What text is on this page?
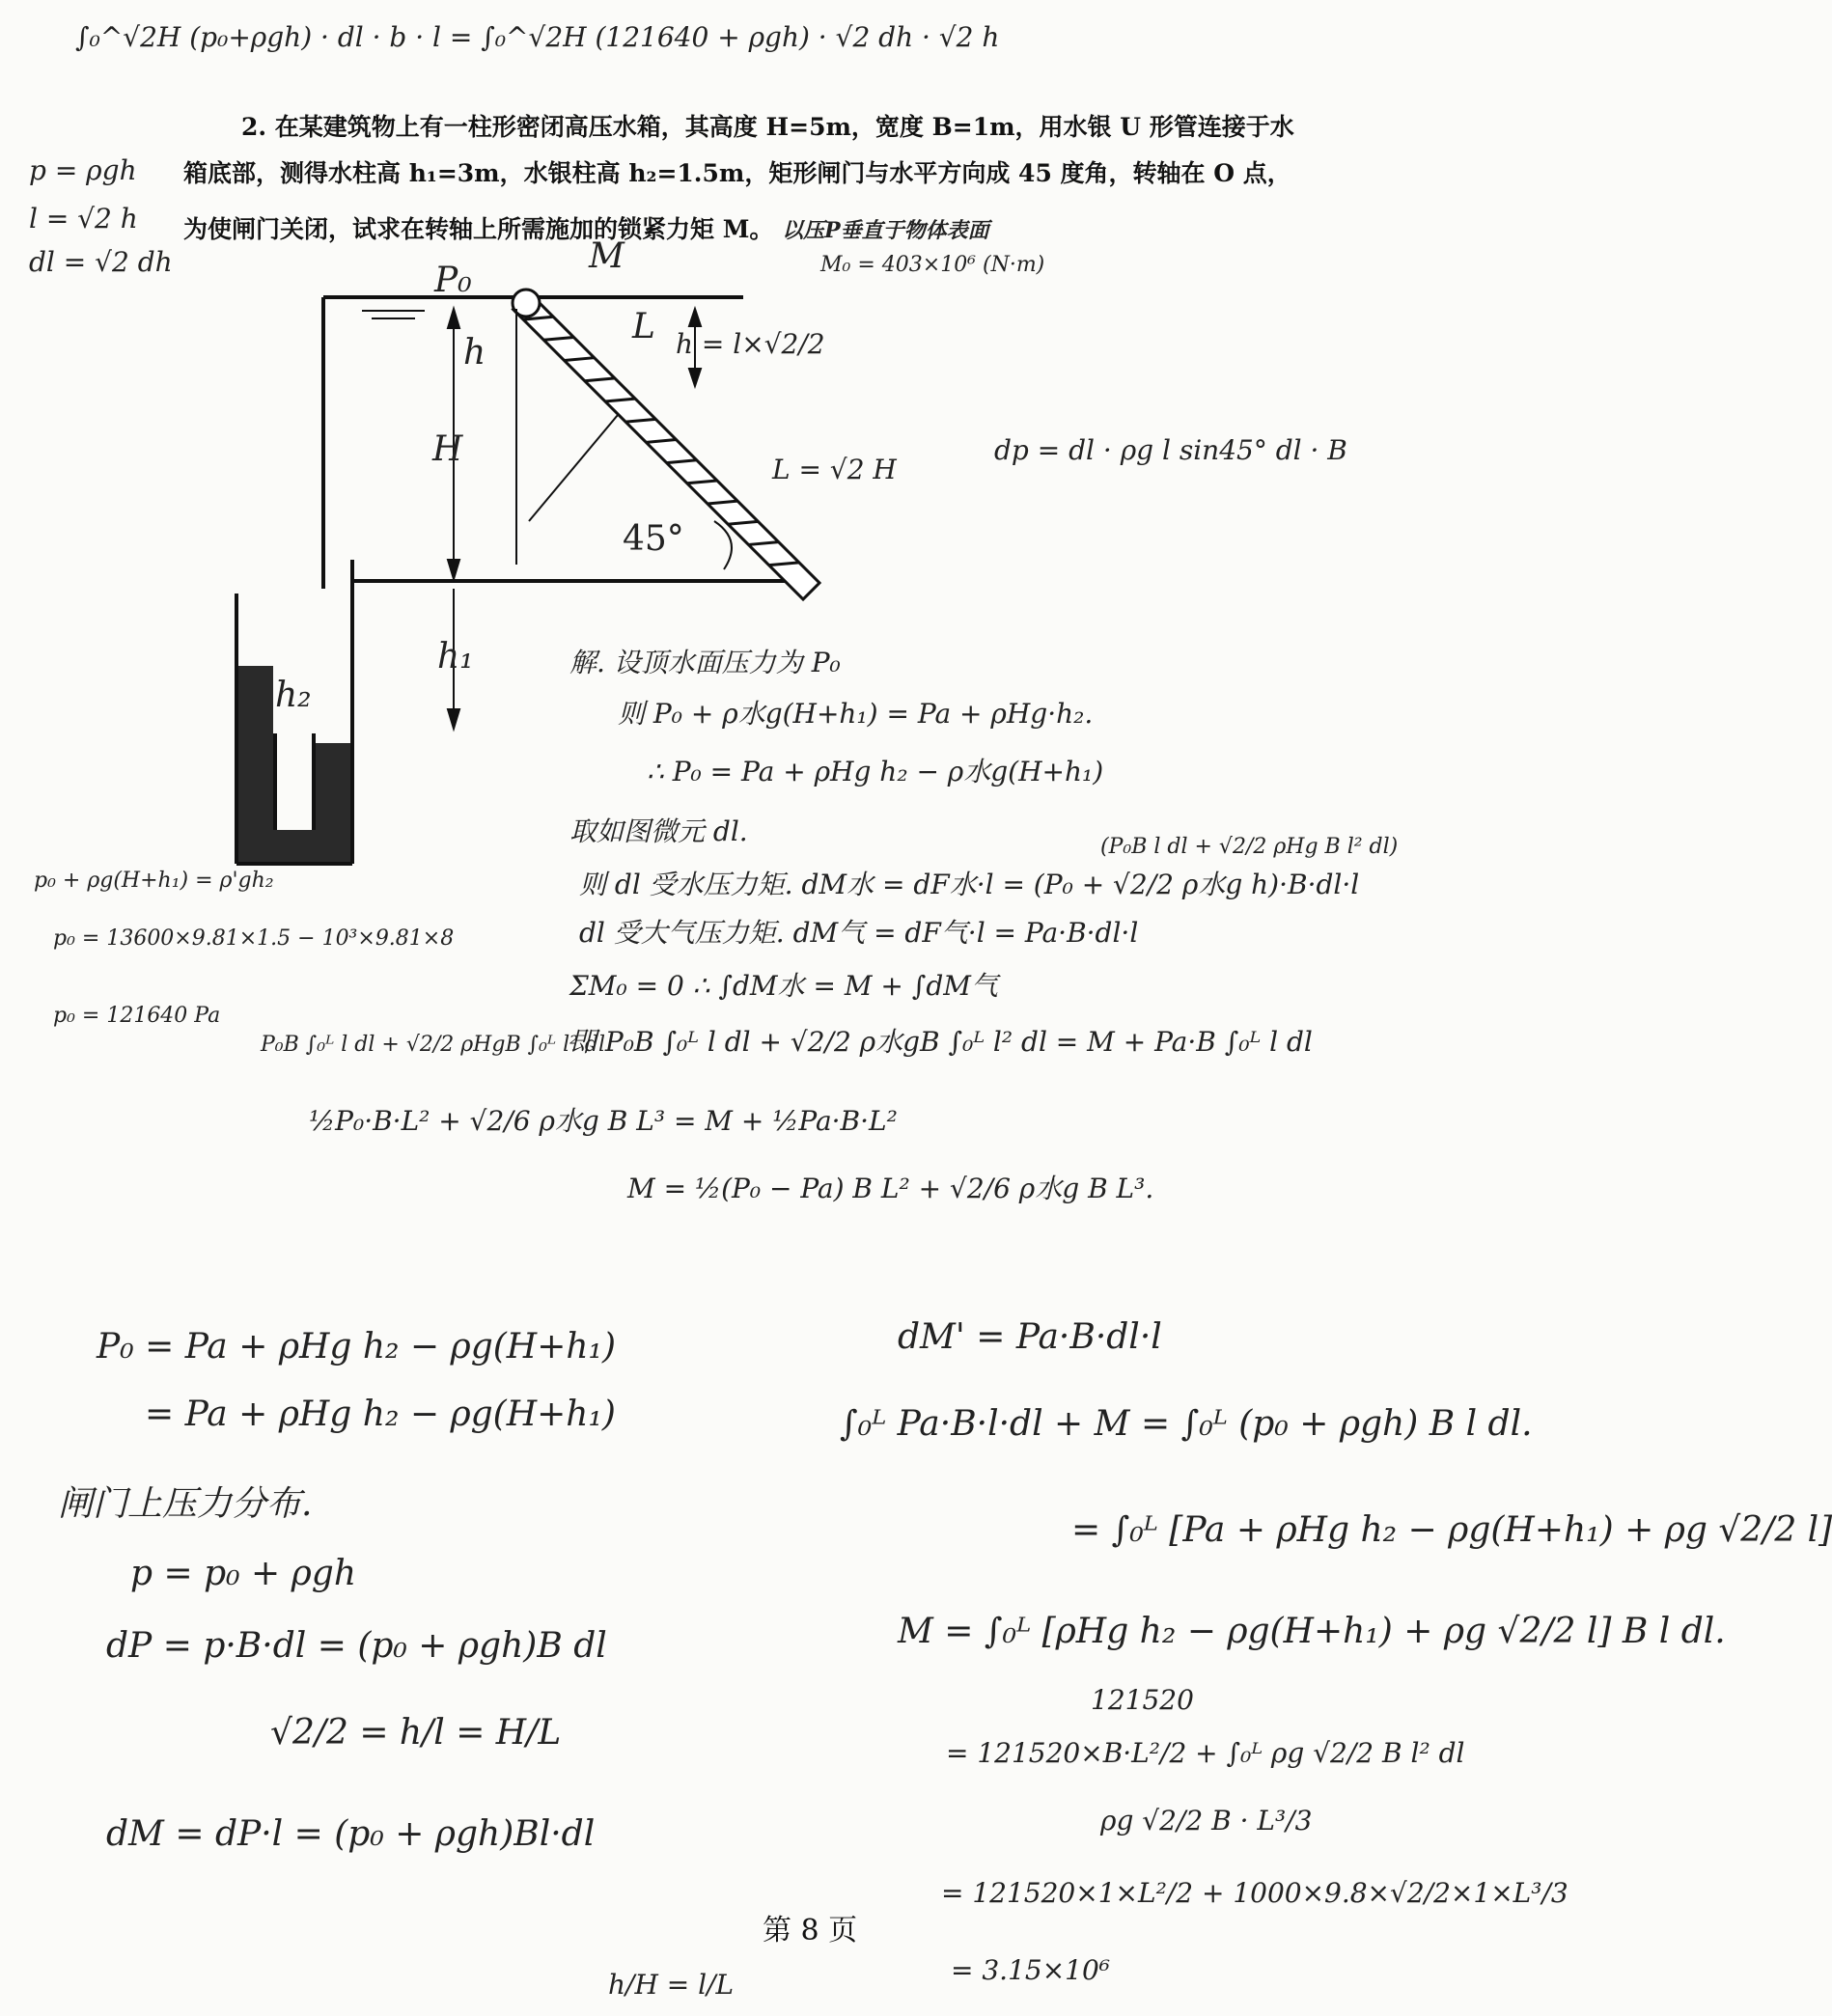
∫₀^√2H (p₀+ρgh) · dl · b · l = ∫₀^√2H (121640 + ρgh) · √2 dh · √2 h
2. 在某建筑物上有一柱形密闭高压水箱，其高度 H=5m，宽度 B=1m，用水银 U 形管连接于水
箱底部，测得水柱高 h₁=3m，水银柱高 h₂=1.5m，矩形闸门与水平方向成 45 度角，转轴在 O 点，
为使闸门关闭，试求在转轴上所需施加的锁紧力矩 M。 以压P垂直于物体表面
M₀ = 403×10⁶ (N·m)
p = ρgh
l = √2 h
dl = √2 dh	P₀
M
H
h
h₁
h₂
45°
L h = l×√2/2
L = √2 H
dp = dl · ρg l sin45° dl · B
解. 设顶水面压力为 P₀
则 P₀ + ρ水g(H+h₁) = Pa + ρHg·h₂.
∴ P₀ = Pa + ρHg h₂ − ρ水g(H+h₁)
取如图微元 dl.
则 dl 受水压力矩. dM水 = dF水·l = (P₀ + √2/2 ρ水g h)·B·dl·l
dl 受大气压力矩. dM气 = dF气·l = Pa·B·dl·l
ΣM₀ = 0 ∴ ∫dM水 = M + ∫dM气
即 P₀B ∫₀ᴸ l dl + √2/2 ρ水gB ∫₀ᴸ l² dl = M + Pa·B ∫₀ᴸ l dl
½P₀·B·L² + √2/6 ρ水g B L³ = M + ½Pa·B·L²
M = ½(P₀ − Pa) B L² + √2/6 ρ水g B L³.
p₀ + ρg(H+h₁) = ρ'gh₂
p₀ = 13600×9.81×1.5 − 10³×9.81×8
p₀ = 121640 Pa
P₀B ∫₀ᴸ l dl + √2/2 ρHgB ∫₀ᴸ l² dl
(P₀B l dl + √2/2 ρHg B l² dl)
P₀ = Pa + ρHg h₂ − ρg(H+h₁)
= Pa + ρHg h₂ − ρg(H+h₁)
闸门上压力分布.
p = p₀ + ρgh
dP = p·B·dl = (p₀ + ρgh)B dl
√2/2 = h/l = H/L
dM = dP·l = (p₀ + ρgh)Bl·dl
dM' = Pa·B·dl·l
∫₀ᴸ Pa·B·l·dl + M = ∫₀ᴸ (p₀ + ρgh) B l dl.
= ∫₀ᴸ [Pa + ρHg h₂ − ρg(H+h₁) + ρg √2/2 l]
M = ∫₀ᴸ [ρHg h₂ − ρg(H+h₁) + ρg √2/2 l] B l dl.
121520
= 121520×B·L²/2 + ∫₀ᴸ ρg √2/2 B l² dl
ρg √2/2 B · L³/3
= 121520×1×L²/2 + 1000×9.8×√2/2×1×L³/3
= 3.15×10⁶
第 8 页
h/H = l/L
